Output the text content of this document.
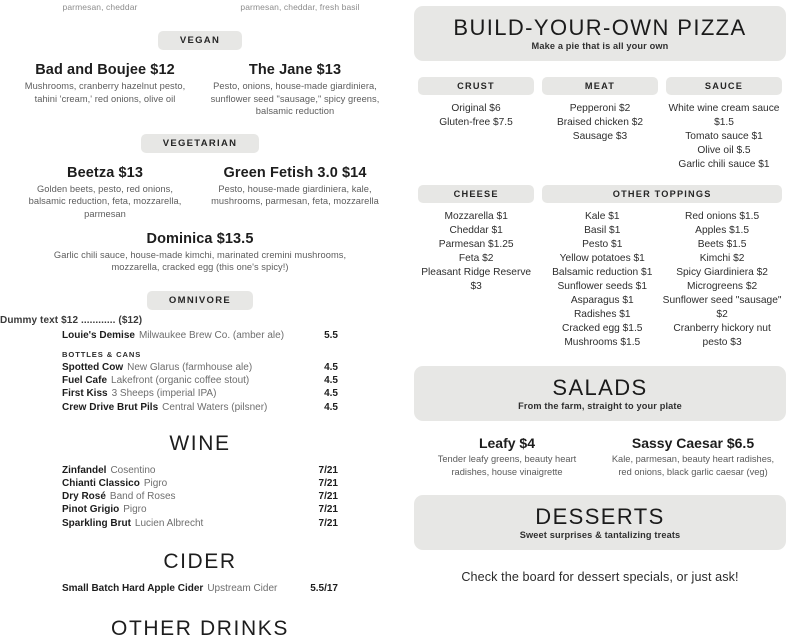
parmesan, cheddar	parmesan, cheddar, fresh basil
VEGAN
Bad and Boujee $12
Mushrooms, cranberry hazelnut pesto, tahini 'cream,' red onions, olive oil
The Jane $13
Pesto, onions, house-made giardiniera, sunflower seed "sausage," spicy greens, balsamic reduction
VEGETARIAN
Beetza $13
Golden beets, pesto, red onions, balsamic reduction, feta, mozzarella, parmesan
Green Fetish 3.0 $14
Pesto, house-made giardiniera, kale, mushrooms, parmesan, feta, mozzarella
Dominica $13.5
Garlic chili sauce, house-made kimchi, marinated cremini mushrooms, mozzarella, cracked egg (this one's spicy!)
OMNIVORE
Dummy text $12 ............ ($12)
Louie's Demise Milwaukee Brew Co. (amber ale)	5.5
BOTTLES & CANS
Spotted Cow New Glarus (farmhouse ale)	4.5
Fuel Cafe Lakefront (organic coffee stout)	4.5
First Kiss 3 Sheeps (imperial IPA)	4.5
Crew Drive Brut Pils Central Waters (pilsner)	4.5
WINE
Zinfandel Cosentino	7/21
Chianti Classico Pigro	7/21
Dry Rosé Band of Roses	7/21
Pinot Grigio Pigro	7/21
Sparkling Brut Lucien Albrecht	7/21
CIDER
Small Batch Hard Apple Cider Upstream Cider	5.5/17
OTHER DRINKS
BUILD-YOUR-OWN PIZZA
Make a pie that is all your own
CRUST
Original $6
Gluten-free $7.5
MEAT
Pepperoni $2
Braised chicken $2
Sausage $3
SAUCE
White wine cream sauce $1.5
Tomato sauce $1
Olive oil $.5
Garlic chili sauce $1
CHEESE
Mozzarella $1
Cheddar $1
Parmesan $1.25
Feta $2
Pleasant Ridge Reserve $3
OTHER TOPPINGS
Kale $1
Basil $1
Pesto $1
Yellow potatoes $1
Balsamic reduction $1
Sunflower seeds $1
Asparagus $1
Radishes $1
Cracked egg $1.5
Mushrooms $1.5
Red onions $1.5
Apples $1.5
Beets $1.5
Kimchi $2
Spicy Giardiniera $2
Microgreens $2
Sunflower seed "sausage" $2
Cranberry hickory nut pesto $3
SALADS
From the farm, straight to your plate
Leafy $4
Tender leafy greens, beauty heart radishes, house vinaigrette
Sassy Caesar $6.5
Kale, parmesan, beauty heart radishes, red onions, black garlic caesar (veg)
DESSERTS
Sweet surprises & tantalizing treats
Check the board for dessert specials, or just ask!
